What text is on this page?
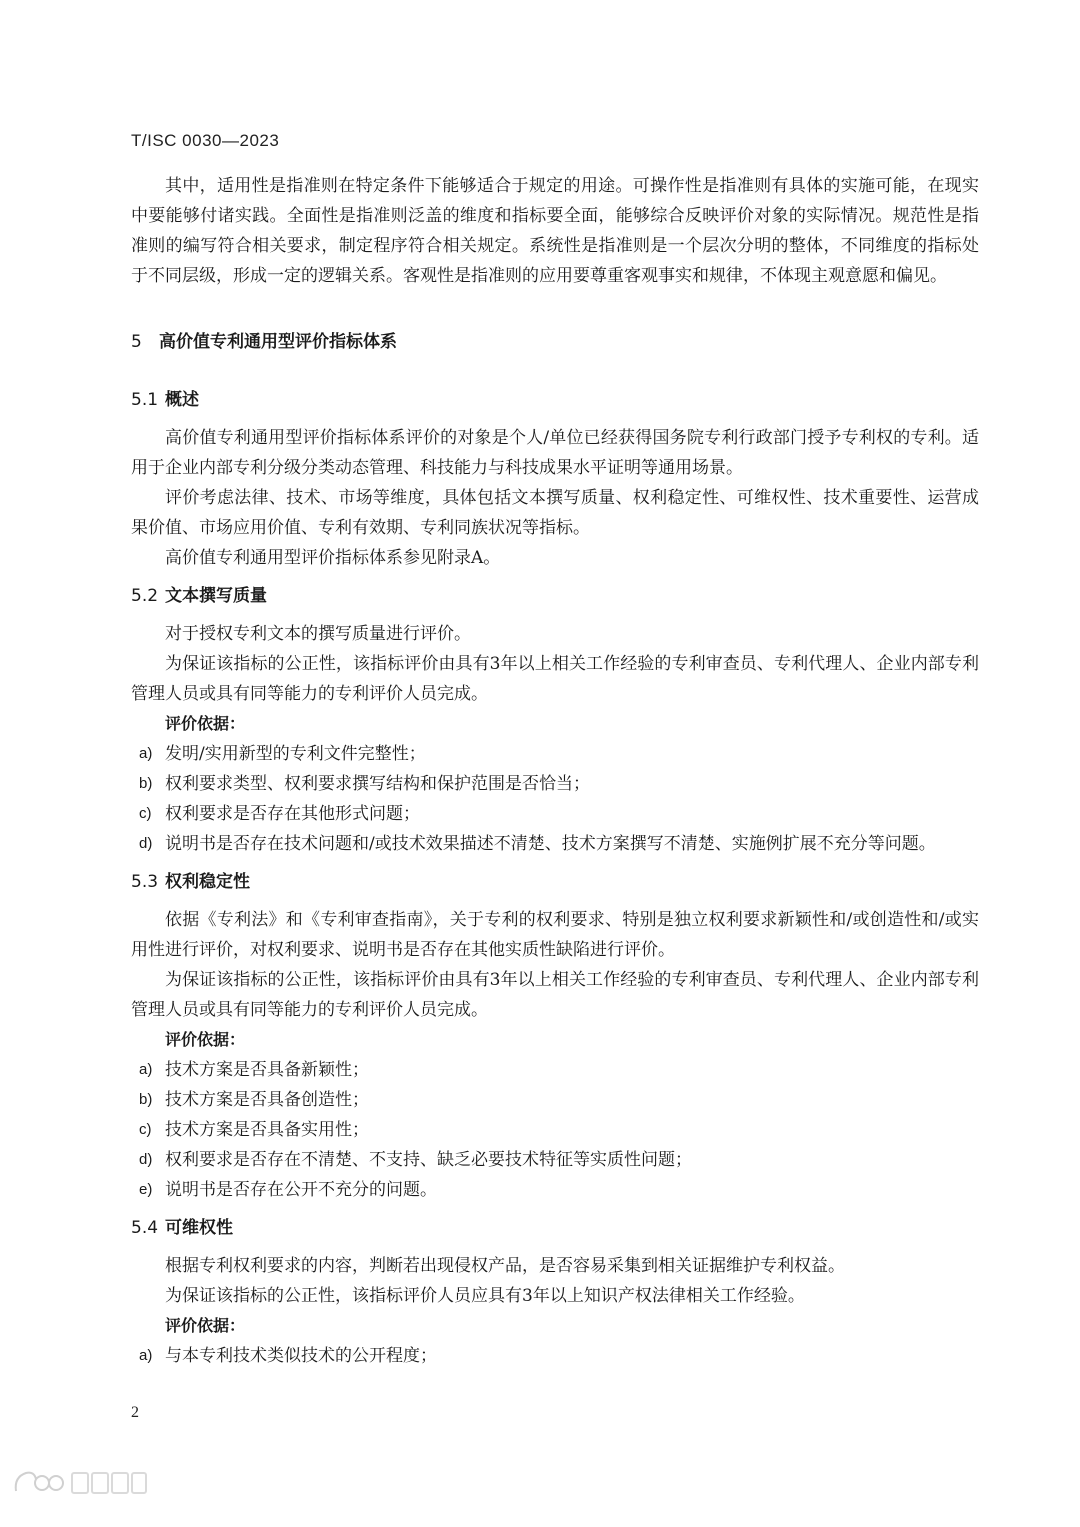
T/ISC 0030—2023

其中，适用性是指准则在特定条件下能够适合于规定的用途。可操作性是指准则有具体的实施可能，在现实中要能够付诸实践。全面性是指准则泛盖的维度和指标要全面，能够综合反映评价对象的实际情况。规范性是指准则的编写符合相关要求，制定程序符合相关规定。系统性是指准则是一个层次分明的整体，不同维度的指标处于不同层级，形成一定的逻辑关系。客观性是指准则的应用要尊重客观事实和规律，不体现主观意愿和偏见。

5	高价值专利通用型评价指标体系
5.1 概述

高价值专利通用型评价指标体系评价的对象是个人/单位已经获得国务院专利行政部门授予专利权的专利。适用于企业内部专利分级分类动态管理、科技能力与科技成果水平证明等通用场景。

评价考虑法律、技术、市场等维度，具体包括文本撰写质量、权利稳定性、可维权性、技术重要性、运营成果价值、市场应用价值、专利有效期、专利同族状况等指标。

高价值专利通用型评价指标体系参见附录A。

5.2 文本撰写质量

对于授权专利文本的撰写质量进行评价。

为保证该指标的公正性，该指标评价由具有3年以上相关工作经验的专利审查员、专利代理人、企业内部专利管理人员或具有同等能力的专利评价人员完成。

评价依据：

a) 发明/实用新型的专利文件完整性；
b) 权利要求类型、权利要求撰写结构和保护范围是否恰当；
c) 权利要求是否存在其他形式问题；
d) 说明书是否存在技术问题和/或技术效果描述不清楚、技术方案撰写不清楚、实施例扩展不充分等问题。
5.3 权利稳定性

依据《专利法》和《专利审查指南》，关于专利的权利要求、特别是独立权利要求新颖性和/或创造性和/或实用性进行评价，对权利要求、说明书是否存在其他实质性缺陷进行评价。

为保证该指标的公正性，该指标评价由具有3年以上相关工作经验的专利审查员、专利代理人、企业内部专利管理人员或具有同等能力的专利评价人员完成。

评价依据：

a) 技术方案是否具备新颖性；
b) 技术方案是否具备创造性；
c) 技术方案是否具备实用性；
d) 权利要求是否存在不清楚、不支持、缺乏必要技术特征等实质性问题；
e) 说明书是否存在公开不充分的问题。
5.4 可维权性

根据专利权利要求的内容，判断若出现侵权产品，是否容易采集到相关证据维护专利权益。

为保证该指标的公正性，该指标评价人员应具有3年以上知识产权法律相关工作经验。

评价依据：

a) 与本专利技术类似技术的公开程度；
2
